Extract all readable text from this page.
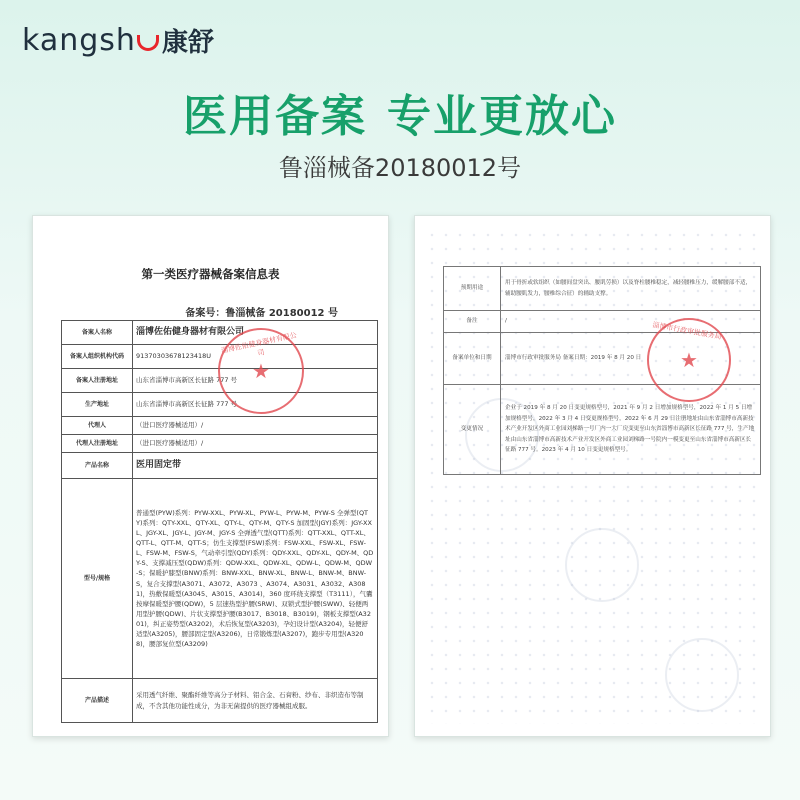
kangsh 康舒
医用备案 专业更放心
鲁淄械备20180012号
第一类医疗器械备案信息表
备案号：鲁淄械备 20180012 号
备案人名称	淄博佐佑健身器材有限公司
备案人组织机构代码	91370303678123418U
备案人注册地址	山东省淄博市高新区长征路 777 号
生产地址	山东省淄博市高新区长征路 777 号
代理人	（进口医疗器械适用）/
代理人注册地址	（进口医疗器械适用）/
产品名称	医用固定带
型号/规格	普通型(PYW)系列：PYW-XXL、PYW-XL、PYW-L、PYW-M、PYW-S 全弹型(QTY)系列：QTY-XXL、QTY-XL、QTY-L、QTY-M、QTY-S 加固型(JGY)系列：JGY-XXL、JGY-XL、JGY-L、JGY-M、JGY-S 全弹透气型(QTT)系列：QTT-XXL、QTT-XL、QTT-L、QTT-M、QTT-S；仿生支撑型(FSW)系列：FSW-XXL、FSW-XL、FSW-L、FSW-M、FSW-S，气动牵引型(QDY)系列：QDY-XXL、QDY-XL、QDY-M、QDY-S、支撑减压型(QDW)系列：QDW-XXL、QDW-XL、QDW-L、QDW-M、QDW-S；保暖护膝型(BNW)系列：BNW-XXL、BNW-XL、BNW-L、BNW-M、BNW-S，复合支撑型(A3071、A3072、A3073 、A3074、A3031、A3032、A3081)，热敷保暖型(A3045、A3015、A3014)，360 度环绕支撑型（T3111），气囊按摩保暖型护腰(QDW)，5 层速热型护腰(SRW)、双锁式型护腰(SWW)、轻便两用型护腰(QDW)、片状支撑型护腰(B3017、B3018、B3019)，钢板支撑型(A3201)，纠正姿势型(A3202)，术后恢复型(A3203)，孕妇设计型(A3204)，轻便舒适型(A3205)，腰部固定型(A3206)，日常锻炼型(A3207)，跑步专用型(A3208)，腰部复位型(A3209)
产品描述	采用透气纤维、聚酯纤维等高分子材料、铝合金、石膏粉、纱布、非织造布等制成，不含其他功能性成分，为非无菌提供的医疗器械组成服。
★
淄博佐佑健身器材有限公司
预期用途	用于骨折或软组织（如腰间盘突出、腰肌劳损）以及脊柱腰椎稳定，减轻腰椎压力，缓解腰部不适，辅助腰肌发力，腰椎综合征）的辅助支撑。
备注	/
备案单位和日期	淄博市行政审批服务局 备案日期：2019 年 8 月 20 日
变更情况	企业于 2019 年 8 月 20 日变更规格型号，2021 年 9 月 2 日增加规格型号，2022 年 1 月 5 日增加规格型号，2022 年 3 月 4 日变更规格型号，2022 年 6 月 29 日注册地址由山东省淄博市高新技术产业开发区外商工业园刘梯路一号厂内一大厂房变更至山东省淄博市高新区长征路 777 号，生产地址由山东省淄博市高新技术产业开发区外商工业园刘梯路一号院内一模变更至山东省淄博市高新区长征路 777 号。2023 年 4 月 10 日变更规格型号。
★
淄博市行政审批服务局
